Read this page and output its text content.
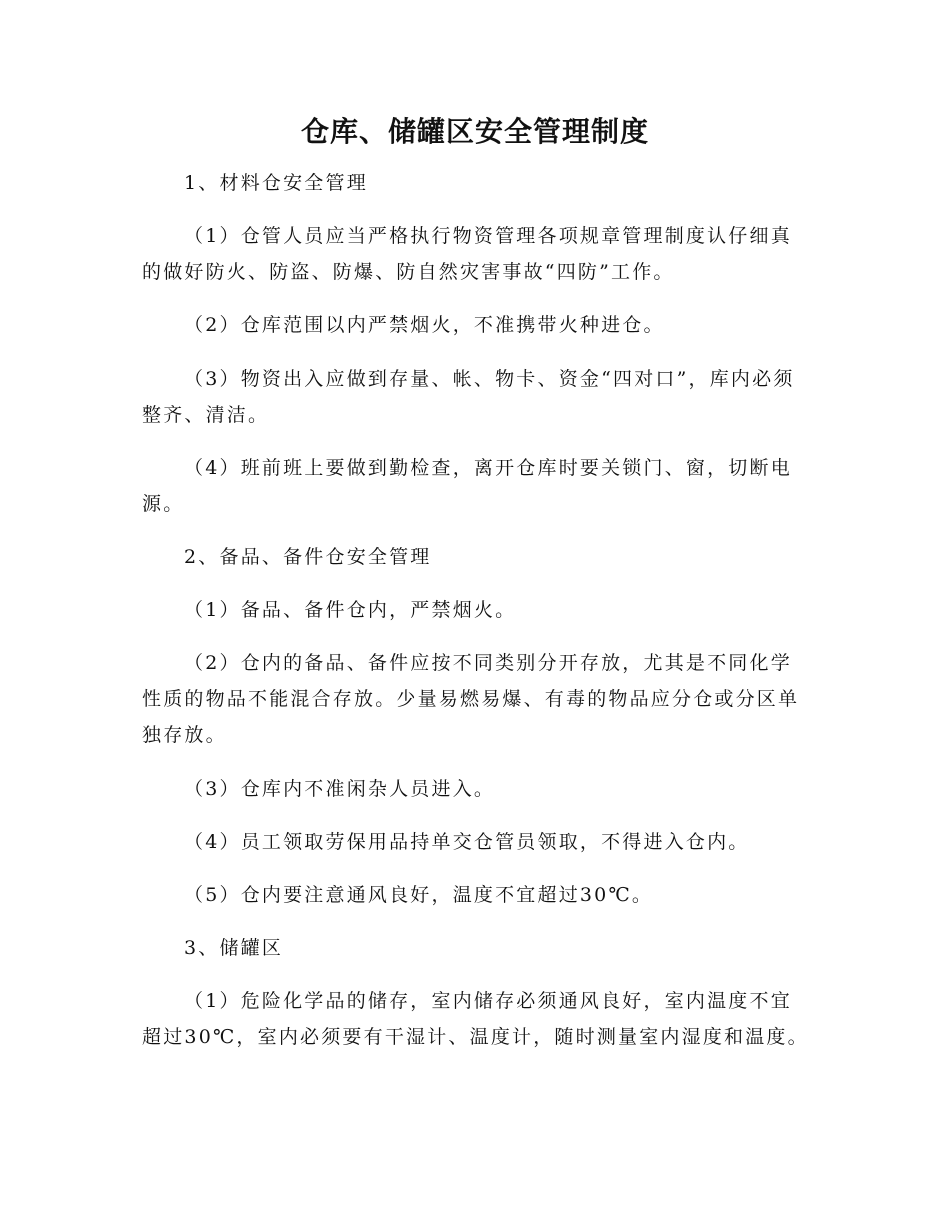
仓库、储罐区安全管理制度

1、材料仓安全管理

（1）仓管人员应当严格执行物资管理各项规章管理制度认仔细真的做好防火、防盗、防爆、防自然灾害事故“四防”工作。

（2）仓库范围以内严禁烟火，不准携带火种进仓。

（3）物资出入应做到存量、帐、物卡、资金“四对口”，库内必须整齐、清洁。

（4）班前班上要做到勤检查，离开仓库时要关锁门、窗，切断电源。

2、备品、备件仓安全管理

（1）备品、备件仓内，严禁烟火。

（2）仓内的备品、备件应按不同类别分开存放，尤其是不同化学性质的物品不能混合存放。少量易燃易爆、有毒的物品应分仓或分区单独存放。

（3）仓库内不准闲杂人员进入。

（4）员工领取劳保用品持单交仓管员领取，不得进入仓内。

（5）仓内要注意通风良好，温度不宜超过30℃。

3、储罐区

（1）危险化学品的储存，室内储存必须通风良好，室内温度不宜超过30℃，室内必须要有干湿计、温度计，随时测量室内湿度和温度。
